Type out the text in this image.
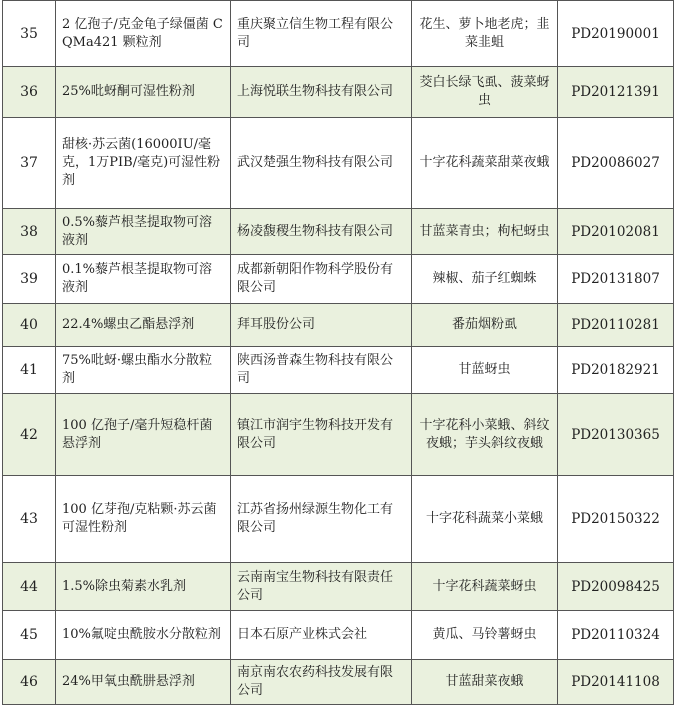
35	2 亿孢子/克金龟子绿僵菌 CQMa421 颗粒剂	重庆聚立信生物工程有限公司	花生、萝卜地老虎；韭菜韭蛆	PD20190001
36	25%吡蚜酮可湿性粉剂	上海悦联生物科技有限公司	茭白长绿飞虱、菠菜蚜虫	PD20121391
37	甜核·苏云菌(16000IU/毫克，1万PIB/毫克)可湿性粉剂	武汉楚强生物科技有限公司	十字花科蔬菜甜菜夜蛾	PD20086027
38	0.5%藜芦根茎提取物可溶液剂	杨凌馥稷生物科技有限公司	甘蓝菜青虫；枸杞蚜虫	PD20102081
39	0.1%藜芦根茎提取物可溶液剂	成都新朝阳作物科学股份有限公司	辣椒、茄子红蜘蛛	PD20131807
40	22.4%螺虫乙酯悬浮剂	拜耳股份公司	番茄烟粉虱	PD20110281
41	75%吡蚜·螺虫酯水分散粒剂	陕西汤普森生物科技有限公司	甘蓝蚜虫	PD20182921
42	100 亿孢子/毫升短稳杆菌悬浮剂	镇江市润宇生物科技开发有限公司	十字花科小菜蛾、斜纹夜蛾；芋头斜纹夜蛾	PD20130365
43	100 亿芽孢/克粘颗·苏云菌可湿性粉剂	江苏省扬州绿源生物化工有限公司	十字花科蔬菜小菜蛾	PD20150322
44	1.5%除虫菊素水乳剂	云南南宝生物科技有限责任公司	十字花科蔬菜蚜虫	PD20098425
45	10%氟啶虫酰胺水分散粒剂	日本石原产业株式会社	黄瓜、马铃薯蚜虫	PD20110324
46	24%甲氧虫酰肼悬浮剂	南京南农农药科技发展有限公司	甘蓝甜菜夜蛾	PD20141108
